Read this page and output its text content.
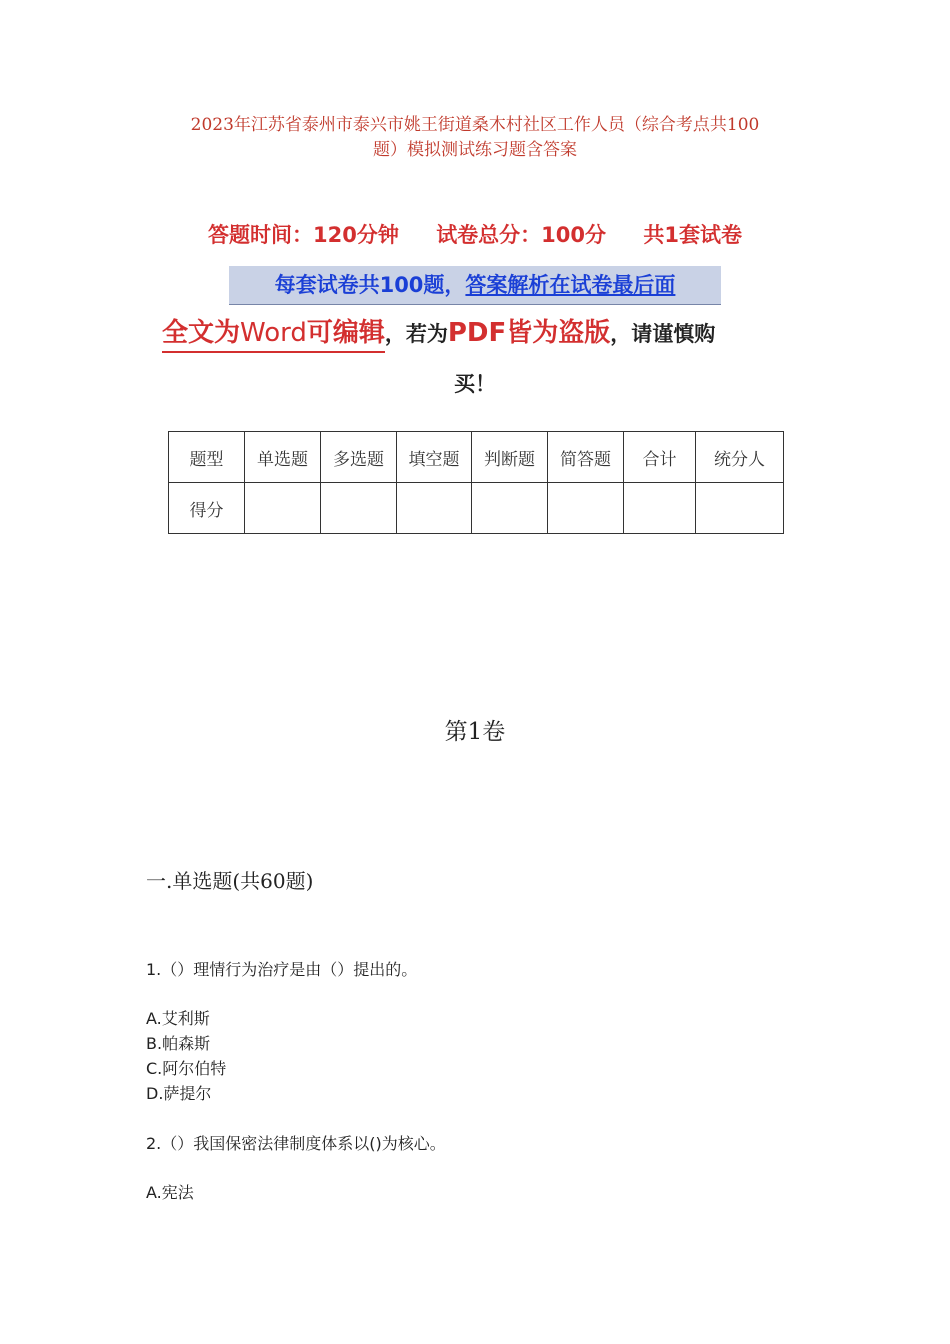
2023年江苏省泰州市泰兴市姚王街道桑木村社区工作人员（综合考点共100
题）模拟测试练习题含答案
答题时间：120分钟 试卷总分：100分 共1套试卷
每套试卷共100题，答案解析在试卷最后面
全文为Word可编辑，若为PDF皆为盗版，请谨慎购
买！
题型	单选题	多选题	填空题	判断题	简答题	合计	统分人
得分							
第1卷
一.单选题(共60题)
1.（）理情行为治疗是由（）提出的。
A.艾利斯
B.帕森斯
C.阿尔伯特
D.萨提尔
2.（）我国保密法律制度体系以()为核心。
A.宪法
